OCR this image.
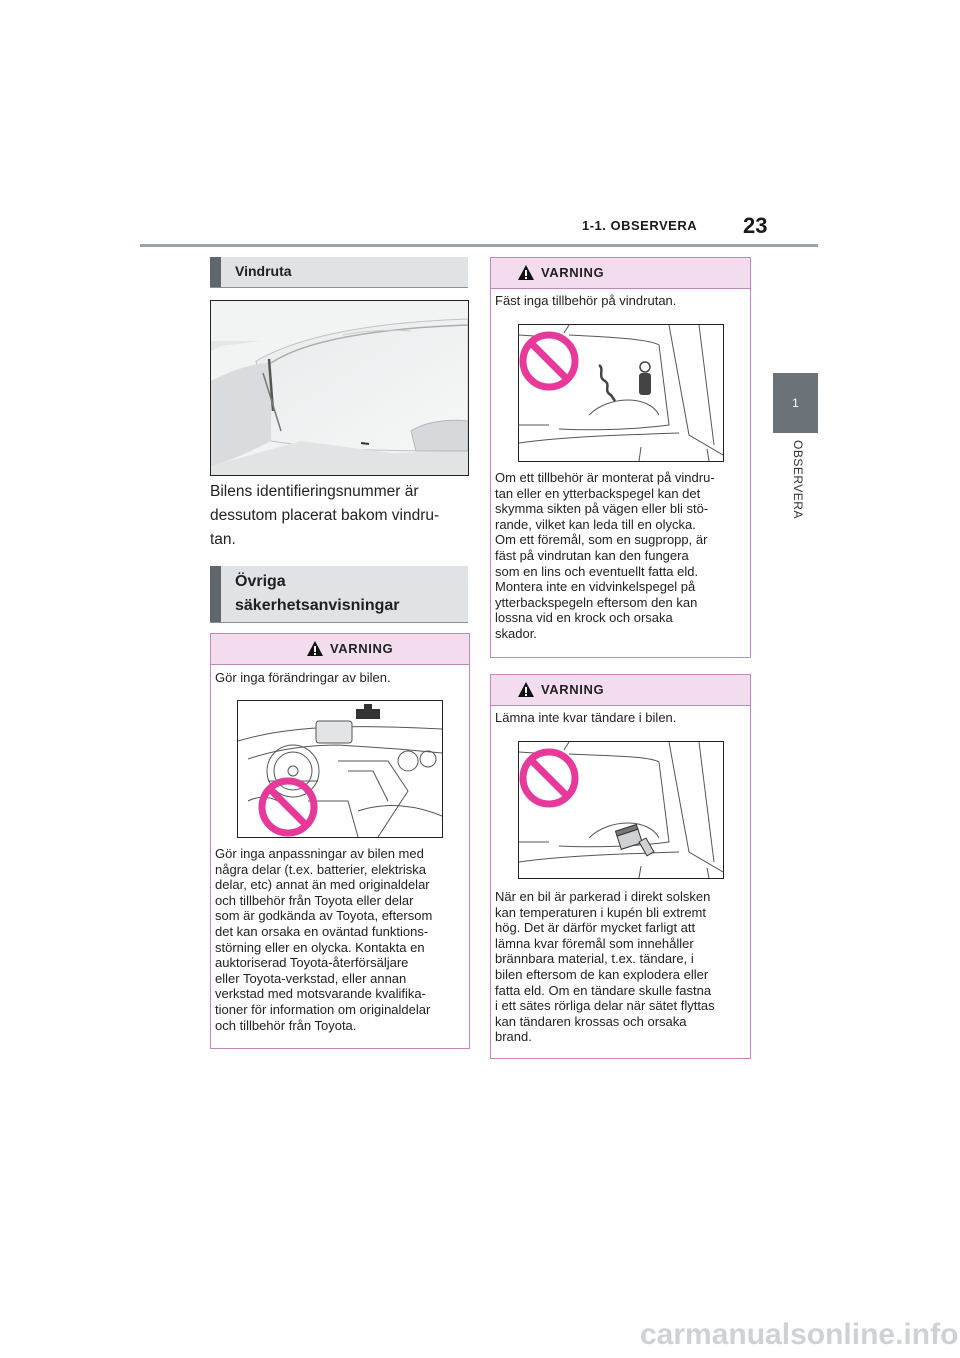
1-1. OBSERVERA 23
1
OBSERVERA
Vindruta
Bilens identifieringsnummer är
dessutom placerat bakom vindru-
tan.
Övriga
säkerhetsanvisningar
VARNING
Gör inga förändringar av bilen.
Gör inga anpassningar av bilen med
några delar (t.ex. batterier, elektriska
delar, etc) annat än med originaldelar
och tillbehör från Toyota eller delar
som är godkända av Toyota, eftersom
det kan orsaka en oväntad funktions-
störning eller en olycka. Kontakta en
auktoriserad Toyota-återförsäljare
eller Toyota-verkstad, eller annan
verkstad med motsvarande kvalifika-
tioner för information om originaldelar
och tillbehör från Toyota.
VARNING
Fäst inga tillbehör på vindrutan.
Om ett tillbehör är monterat på vindru-
tan eller en ytterbackspegel kan det
skymma sikten på vägen eller bli stö-
rande, vilket kan leda till en olycka.
Om ett föremål, som en sugpropp, är
fäst på vindrutan kan den fungera
som en lins och eventuellt fatta eld.
Montera inte en vidvinkelspegel på
ytterbackspegeln eftersom den kan
lossna vid en krock och orsaka
skador.
VARNING
Lämna inte kvar tändare i bilen.
När en bil är parkerad i direkt solsken
kan temperaturen i kupén bli extremt
hög. Det är därför mycket farligt att
lämna kvar föremål som innehåller
brännbara material, t.ex. tändare, i
bilen eftersom de kan explodera eller
fatta eld. Om en tändare skulle fastna
i ett sätes rörliga delar när sätet flyttas
kan tändaren krossas och orsaka
brand.
carmanualsonline.info
